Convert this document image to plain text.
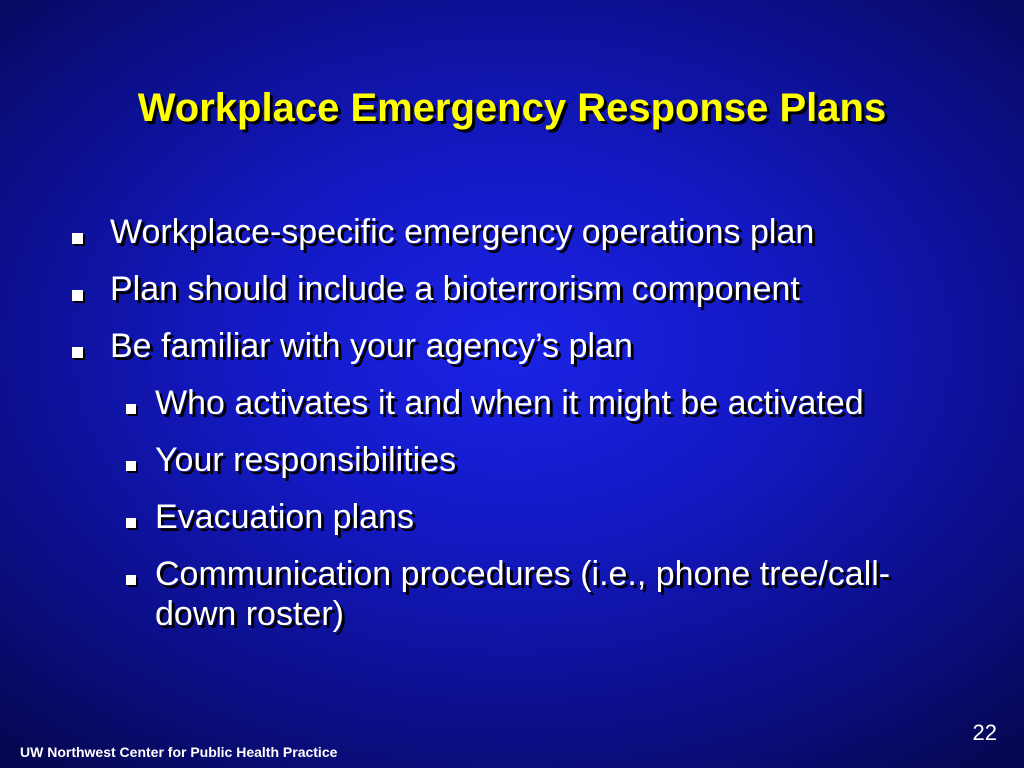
Workplace Emergency Response Plans
Workplace-specific emergency operations plan
Plan should include a bioterrorism component
Be familiar with your agency’s plan
Who activates it and when it might be activated
Your responsibilities
Evacuation plans
Communication procedures (i.e., phone tree/call-down roster)
22
UW Northwest Center for Public Health Practice
